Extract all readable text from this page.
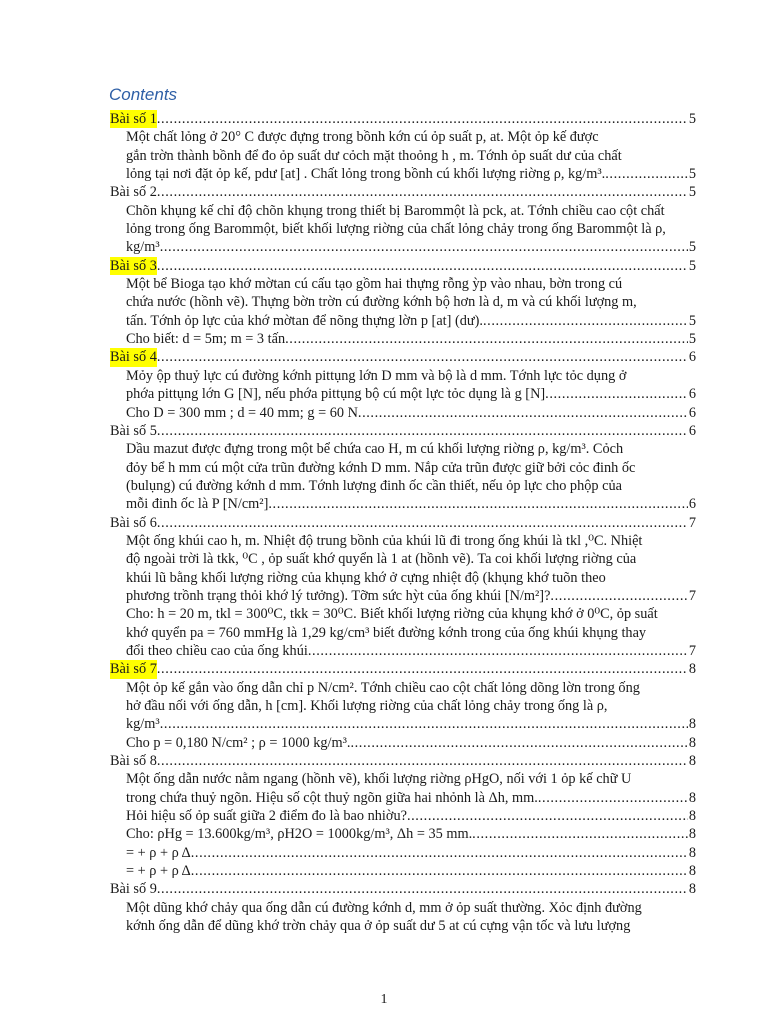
Contents
Bài số 1 .....	5
Một chất lỏng ở 20° C được đựng trong bồnh kớn cú ỏp suất p, at. Một ỏp kế được
gắn trờn thành bồnh để đo ỏp suất dư cỏch mặt thoỏng h , m. Tớnh ỏp suất dư của chất
lỏng tại nơi đặt ỏp kế, pdư [at] . Chất lỏng trong bồnh cú khối lượng riờng ρ, kg/m³. .....	5
Bài số 2 .....	5
Chõn khụng kế chỉ độ chõn khụng trong thiết bị Barommột là pck, at. Tớnh chiều cao cột chất
lỏng trong ống Barommột, biết khối lượng riờng của chất lỏng chảy trong ống Barommột là ρ,
kg/m³ .....	5
Bài số 3 .....	5
Một bể Bioga tạo khớ mờtan cú cấu tạo gồm hai thựng rỗng ỳp vào nhau, bờn trong cú
chứa nước (hồnh vẽ). Thựng bờn trờn cú đường kớnh bộ hơn là d, m và cú khối lượng m,
tấn. Tớnh ỏp lực của khớ mờtan để nõng thựng lờn p [at] (dư). .....	5
Cho biết: d = 5m; m = 3 tấn .....	5
Bài số 4 .....	6
Mỏy ộp thuỷ lực cú đường kớnh pittụng lớn D mm và bộ là d mm. Tớnh lực tỏc dụng ở
phớa pittụng lớn G [N], nếu phớa pittụng bộ cú một lực tỏc dụng là g [N] .....	6
Cho D = 300 mm ; d = 40 mm; g = 60 N .....	6
Bài số 5 .....	6
Dầu mazut được đựng trong một bể chứa cao H, m cú khối lượng riờng ρ, kg/m³. Cỏch
đỏy bể h mm cú một cửa trũn đường kớnh D mm. Nắp cửa trũn được giữ bởi cỏc đinh ốc
(bulụng) cú đường kớnh d mm. Tớnh lượng đinh ốc cần thiết, nếu ỏp lực cho phộp của
mỗi đinh ốc là P [N/cm²] .....	6
Bài số 6 .....	7
Một ống khúi cao h, m. Nhiệt độ trung bồnh của khúi lũ đi trong ống khúi là tkl ,⁰C. Nhiệt
độ ngoài trời là tkk, ⁰C , ỏp suất khớ quyển là 1 at (hồnh vẽ). Ta coi khối lượng riờng của
khúi lũ bằng khối lượng riờng của khụng khớ ở cựng nhiệt độ (khụng khớ tuõn theo
phương trồnh trạng thỏi khớ lý tưởng). Tỡm sức hỳt của ống khúi [N/m²]? .....	7
Cho: h = 20 m, tkl = 300⁰C, tkk = 30⁰C. Biết khối lượng riờng của khụng khớ ở 0⁰C, ỏp suất
khớ quyển pa = 760 mmHg là 1,29 kg/cm³ biết đường kớnh trong của ống khúi khụng thay
đổi theo chiều cao của ống khúi .....	7
Bài số 7 .....	8
Một ỏp kế gắn vào ống dẫn chỉ p N/cm². Tớnh chiều cao cột chất lỏng dõng lờn trong ống
hở đầu nối với ống dẫn, h [cm]. Khối lượng riờng của chất lỏng chảy trong ống là ρ,
kg/m³ .....	8
Cho p = 0,180 N/cm² ; ρ = 1000 kg/m³. .....	8
Bài số 8 .....	8
Một ống dẫn nước nằm ngang (hồnh vẽ), khối lượng riờng ρHgO, nối với 1 ỏp kế chữ U
trong chứa thuỷ ngõn. Hiệu số cột thuỷ ngõn giữa hai nhỏnh là Δh, mm. .....	8
Hỏi hiệu số ỏp suất giữa 2 điểm đo là bao nhiờu? .....	8
Cho: ρHg = 13.600kg/m³, ρH2O = 1000kg/m³, Δh = 35 mm. .....	8
= + ρ + ρ Δ .....	8
= + ρ + ρ Δ .....	8
Bài số 9 .....	8
Một dũng khớ chảy qua ống dẫn cú đường kớnh d, mm ở ỏp suất thường. Xỏc định đường
kớnh ống dẫn để dũng khớ trờn chảy qua ở ỏp suất dư 5 at cú cựng vận tốc và lưu lượng
1
